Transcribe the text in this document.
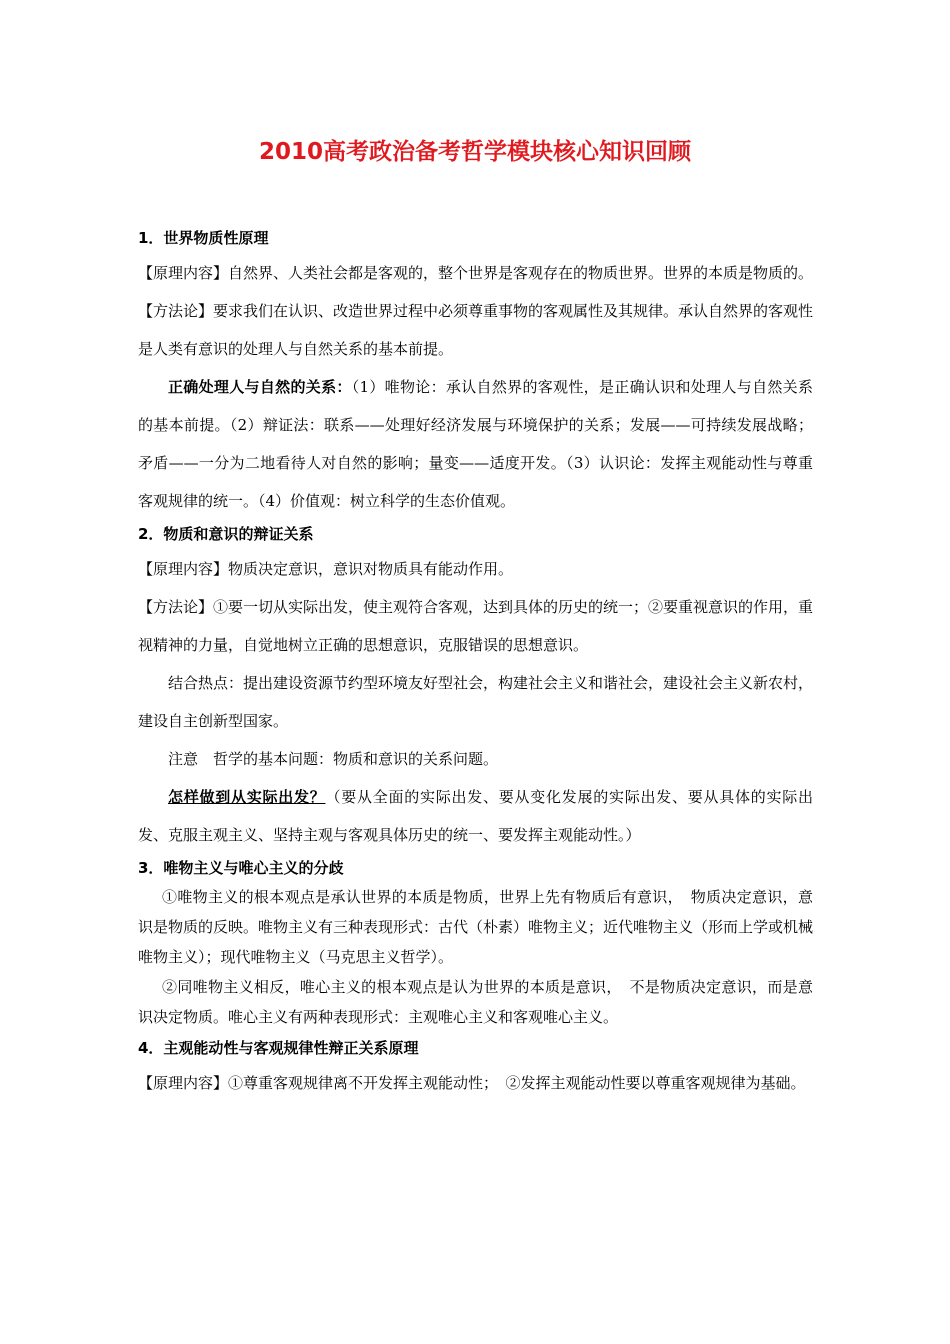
2010高考政治备考哲学模块核心知识回顾

1．世界物质性原理

【原理内容】自然界、人类社会都是客观的，整个世界是客观存在的物质世界。世界的本质是物质的。

【方法论】要求我们在认识、改造世界过程中必须尊重事物的客观属性及其规律。承认自然界的客观性是人类有意识的处理人与自然关系的基本前提。

正确处理人与自然的关系：（1）唯物论：承认自然界的客观性，是正确认识和处理人与自然关系的基本前提。（2）辩证法：联系——处理好经济发展与环境保护的关系；发展——可持续发展战略；矛盾——一分为二地看待人对自然的影响；量变——适度开发。（3）认识论：发挥主观能动性与尊重客观规律的统一。（4）价值观：树立科学的生态价值观。

2．物质和意识的辩证关系

【原理内容】物质决定意识，意识对物质具有能动作用。

【方法论】①要一切从实际出发，使主观符合客观，达到具体的历史的统一；②要重视意识的作用，重视精神的力量，自觉地树立正确的思想意识，克服错误的思想意识。

结合热点：提出建设资源节约型环境友好型社会，构建社会主义和谐社会，建设社会主义新农村，建设自主创新型国家。

注意　哲学的基本问题：物质和意识的关系问题。

怎样做到从实际出发？（要从全面的实际出发、要从变化发展的实际出发、要从具体的实际出发、克服主观主义、坚持主观与客观具体历史的统一、要发挥主观能动性。）

3．唯物主义与唯心主义的分歧

①唯物主义的根本观点是承认世界的本质是物质，世界上先有物质后有意识，　物质决定意识，意识是物质的反映。唯物主义有三种表现形式：古代（朴素）唯物主义；近代唯物主义（形而上学或机械唯物主义）；现代唯物主义（马克思主义哲学）。

②同唯物主义相反，唯心主义的根本观点是认为世界的本质是意识，　不是物质决定意识，而是意识决定物质。唯心主义有两种表现形式：主观唯心主义和客观唯心主义。

4．主观能动性与客观规律性辩正关系原理

【原理内容】①尊重客观规律离不开发挥主观能动性；　②发挥主观能动性要以尊重客观规律为基础。
